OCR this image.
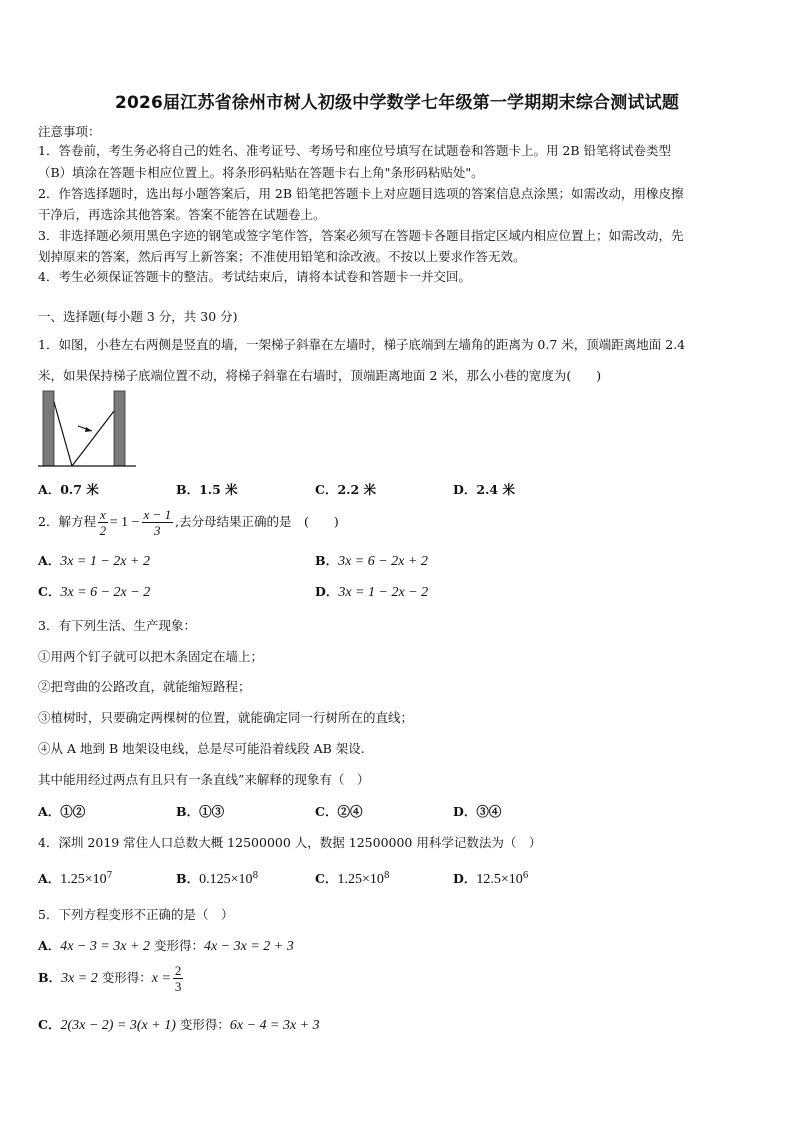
2026届江苏省徐州市树人初级中学数学七年级第一学期期末综合测试试题
注意事项：
1．答卷前，考生务必将自己的姓名、准考证号、考场号和座位号填写在试题卷和答题卡上。用 2B 铅笔将试卷类型
（B）填涂在答题卡相应位置上。将条形码粘贴在答题卡右上角"条形码粘贴处"。
2．作答选择题时，选出每小题答案后，用 2B 铅笔把答题卡上对应题目选项的答案信息点涂黑；如需改动，用橡皮擦
干净后，再选涂其他答案。答案不能答在试题卷上。
3．非选择题必须用黑色字迹的钢笔或签字笔作答，答案必须写在答题卡各题目指定区域内相应位置上；如需改动，先
划掉原来的答案，然后再写上新答案；不准使用铅笔和涂改液。不按以上要求作答无效。
4．考生必须保证答题卡的整洁。考试结束后，请将本试卷和答题卡一并交回。
一、选择题(每小题 3 分，共 30 分)
1．如图，小巷左右两侧是竖直的墙，一架梯子斜靠在左墙时，梯子底端到左墙角的距离为 0.7 米，顶端距离地面 2.4
米，如果保持梯子底端位置不动，将梯子斜靠在右墙时，顶端距离地面 2 米，那么小巷的宽度为(　　)
A．0.7 米	B．1.5 米	C．2.2 米	D．2.4 米
2．解方程 $\frac{x}{2} = 1 - \frac{x - 1}{3}$ ,去分母结果正确的是　(　　)
A．3x = 1 − 2x + 2	B．3x = 6 − 2x + 2
C．3x = 6 − 2x − 2	D．3x = 1 − 2x − 2
3．有下列生活、生产现象：
①用两个钉子就可以把木条固定在墙上；
②把弯曲的公路改直，就能缩短路程；
③植树时，只要确定两棵树的位置，就能确定同一行树所在的直线；
④从 A 地到 B 地架设电线，总是尽可能沿着线段 AB 架设.
其中能用经过两点有且只有一条直线”来解释的现象有（　）
A．①②	B．①③	C．②④	D．③④
4．深圳 2019 常住人口总数大概 12500000 人，数据 12500000 用科学记数法为（　）
A．$1.25\times 10^7$	B．$0.125\times 10^8$	C．$1.25\times 10^8$	D．$12.5\times 10^6$
5．下列方程变形不正确的是（　）
A．4x − 3 = 3x + 2 变形得：4x − 3x = 2 + 3
B．3x = 2 变形得：$x = \frac{2}{3}$
C．2(3x − 2) = 3(x + 1) 变形得：6x − 4 = 3x + 3
